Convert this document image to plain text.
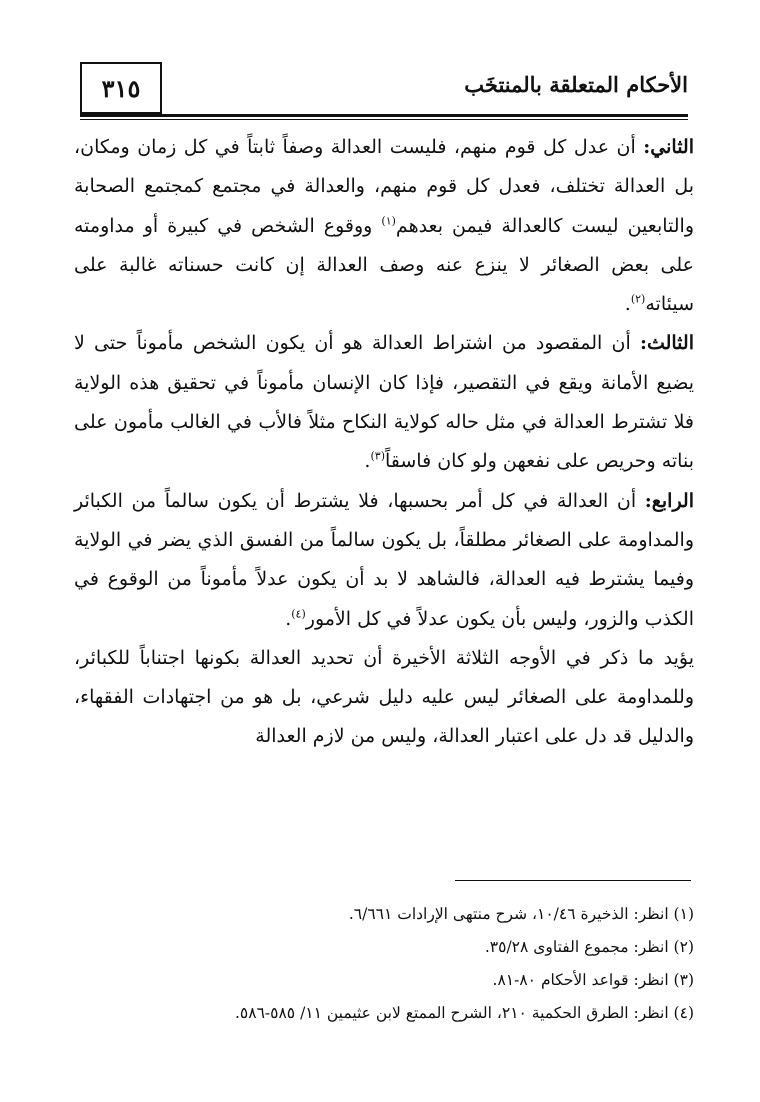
٣١٥	الأحكام المتعلقة بالمنتخَب

الثاني: أن عدل كل قوم منهم، فليست العدالة وصفاً ثابتاً في كل زمان ومكان، بل العدالة تختلف، فعدل كل قوم منهم، والعدالة في مجتمع كمجتمع الصحابة والتابعين ليست كالعدالة فيمن بعدهم$^{(١)}$ ووقوع الشخص في كبيرة أو مداومته على بعض الصغائر لا ينزع عنه وصف العدالة إن كانت حسناته غالبة على سيئاته$^{(٢)}$.

الثالث: أن المقصود من اشتراط العدالة هو أن يكون الشخص مأموناً حتى لا يضيع الأمانة ويقع في التقصير، فإذا كان الإنسان مأموناً في تحقيق هذه الولاية فلا تشترط العدالة في مثل حاله كولاية النكاح مثلاً فالأب في الغالب مأمون على بناته وحريص على نفعهن ولو كان فاسقاً$^{(٣)}$.

الرابع: أن العدالة في كل أمر بحسبها، فلا يشترط أن يكون سالماً من الكبائر والمداومة على الصغائر مطلقاً، بل يكون سالماً من الفسق الذي يضر في الولاية وفيما يشترط فيه العدالة، فالشاهد لا بد أن يكون عدلاً مأموناً من الوقوع في الكذب والزور، وليس بأن يكون عدلاً في كل الأمور$^{(٤)}$.

يؤيد ما ذكر في الأوجه الثلاثة الأخيرة أن تحديد العدالة بكونها اجتناباً للكبائر، وللمداومة على الصغائر ليس عليه دليل شرعي، بل هو من اجتهادات الفقهاء، والدليل قد دل على اعتبار العدالة، وليس من لازم العدالة

(١) انظر: الذخيرة ١٠/٤٦، شرح منتهى الإرادات ٦/٦٦١.
(٢) انظر: مجموع الفتاوى ٣٥/٢٨.
(٣) انظر: قواعد الأحكام ٨٠-٨١.
(٤) انظر: الطرق الحكمية ٢١٠، الشرح الممتع لابن عثيمين ١١/ ٥٨٥-٥٨٦.
